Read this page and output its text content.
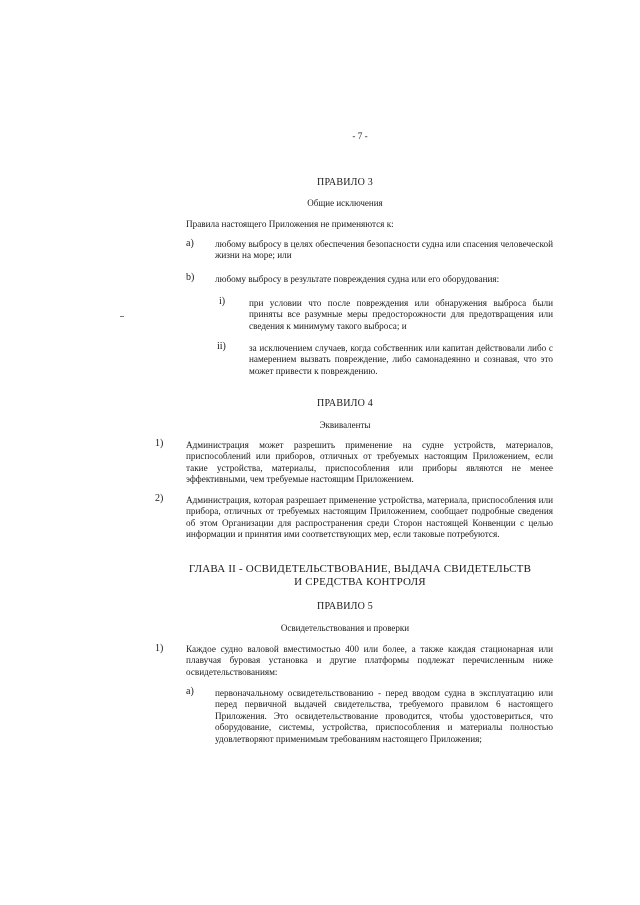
- 7 -

ПРАВИЛО 3

Общие исключения

Правила настоящего Приложения не применяются к:

a) любому выбросу в целях обеспечения безопасности судна или спасения человеческой жизни на море; или

b) любому выбросу в результате повреждения судна или его оборудования:

i)	при условии что после повреждения или обнаружения выброса были приняты все разумные меры предосторожности для предотвращения или сведения к минимуму такого выброса; и

ii)	за исключением случаев, когда собственник или капитан действовали либо с намерением вызвать повреждение, либо самонадеянно и сознавая, что это может привести к повреждению.

ПРАВИЛО 4

Эквиваленты

1) Администрация может разрешить применение на судне устройств, материалов, приспособлений или приборов, отличных от требуемых настоящим Приложением, если такие устройства, материалы, приспособления или приборы являются не менее эффективными, чем требуемые настоящим Приложением.

2) Администрация, которая разрешает применение устройства, материала, приспособления или прибора, отличных от требуемых настоящим Приложением, сообщает подробные сведения об этом Организации для распространения среди Сторон настоящей Конвенции с целью информации и принятия ими соответствующих мер, если таковые потребуются.

ГЛАВА II - ОСВИДЕТЕЛЬСТВОВАНИЕ, ВЫДАЧА СВИДЕТЕЛЬСТВ

И СРЕДСТВА КОНТРОЛЯ

ПРАВИЛО 5

Освидетельствования и проверки

1) Каждое судно валовой вместимостью 400 или более, а также каждая стационарная или плавучая буровая установка и другие платформы подлежат перечисленным ниже освидетельствованиям:

a) первоначальному освидетельствованию - перед вводом судна в эксплуатацию или перед первичной выдачей свидетельства, требуемого правилом 6 настоящего Приложения. Это освидетельствование проводится, чтобы удостовериться, что оборудование, системы, устройства, приспособления и материалы полностью удовлетворяют применимым требованиям настоящего Приложения;
